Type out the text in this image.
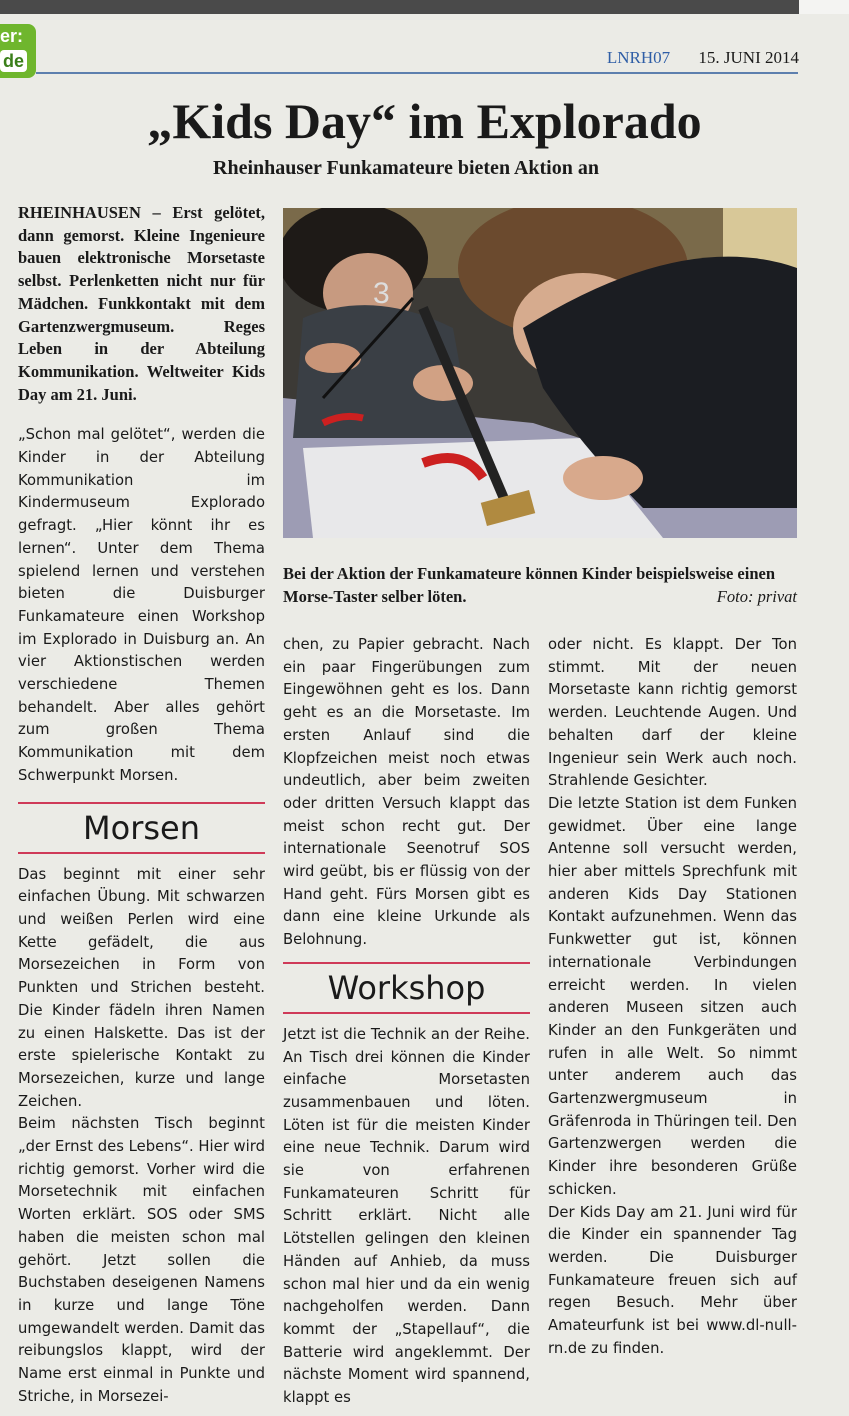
er:
de	LNRH07 15. JUNI 2014
„Kids Day“ im Explorado
Rheinhauser Funkamateure bieten Aktion an

RHEINHAUSEN – Erst gelötet, dann gemorst. Kleine Ingenieure bauen elektronische Morsetaste selbst. Perlenketten nicht nur für Mädchen. Funkkontakt mit dem Gartenzwergmuseum. Reges Leben in der Abteilung Kommunikation. Weltweiter Kids Day am 21. Juni.

„Schon mal gelötet“, werden die Kinder in der Abteilung Kommunikation im Kindermuseum Explorado gefragt. „Hier könnt ihr es lernen“. Unter dem Thema spielend lernen und verstehen bieten die Duisburger Funkamateure einen Workshop im Explorado in Duisburg an. An vier Aktionstischen werden verschiedene Themen behandelt. Aber alles gehört zum großen Thema Kommunikation mit dem Schwerpunkt Morsen.

Morsen

Das beginnt mit einer sehr einfachen Übung. Mit schwarzen und weißen Perlen wird eine Kette gefädelt, die aus Morsezeichen in Form von Punkten und Strichen besteht. Die Kinder fädeln ihren Namen zu einen Halskette. Das ist der erste spielerische Kontakt zu Morsezeichen, kurze und lange Zeichen.

Beim nächsten Tisch beginnt „der Ernst des Lebens“. Hier wird richtig gemorst. Vorher wird die Morsetechnik mit einfachen Worten erklärt. SOS oder SMS haben die meisten schon mal gehört. Jetzt sollen die Buchstaben deseigenen Namens in kurze und lange Töne umgewandelt werden. Damit das reibungslos klappt, wird der Name erst einmal in Punkte und Striche, in Morsezei-

3
Bei der Aktion der Funkamateure können Kinder beispielsweise einen Morse-Taster selber löten.	Foto: privat

chen, zu Papier gebracht. Nach ein paar Fingerübungen zum Eingewöhnen geht es los. Dann geht es an die Morsetaste. Im ersten Anlauf sind die Klopfzeichen meist noch etwas undeutlich, aber beim zweiten oder dritten Versuch klappt das meist schon recht gut. Der internationale Seenotruf SOS wird geübt, bis er flüssig von der Hand geht. Fürs Morsen gibt es dann eine kleine Urkunde als Belohnung.

Workshop

Jetzt ist die Technik an der Reihe. An Tisch drei können die Kinder einfache Morsetasten zusammenbauen und löten. Löten ist für die meisten Kinder eine neue Technik. Darum wird sie von erfahrenen Funkamateuren Schritt für Schritt erklärt. Nicht alle Lötstellen gelingen den kleinen Händen auf Anhieb, da muss schon mal hier und da ein wenig nachgeholfen werden. Dann kommt der „Stapellauf“, die Batterie wird angeklemmt. Der nächste Moment wird spannend, klappt es

oder nicht. Es klappt. Der Ton stimmt. Mit der neuen Morsetaste kann richtig gemorst werden. Leuchtende Augen. Und behalten darf der kleine Ingenieur sein Werk auch noch. Strahlende Gesichter.

Die letzte Station ist dem Funken gewidmet. Über eine lange Antenne soll versucht werden, hier aber mittels Sprechfunk mit anderen Kids Day Stationen Kontakt aufzunehmen. Wenn das Funkwetter gut ist, können internationale Verbindungen erreicht werden. In vielen anderen Museen sitzen auch Kinder an den Funkgeräten und rufen in alle Welt. So nimmt unter anderem auch das Gartenzwergmuseum in Gräfenroda in Thüringen teil. Den Gartenzwergen werden die Kinder ihre besonderen Grüße schicken.

Der Kids Day am 21. Juni wird für die Kinder ein spannender Tag werden. Die Duisburger Funkamateure freuen sich auf regen Besuch. Mehr über Amateurfunk ist bei www.dl-null-rn.de zu finden.
